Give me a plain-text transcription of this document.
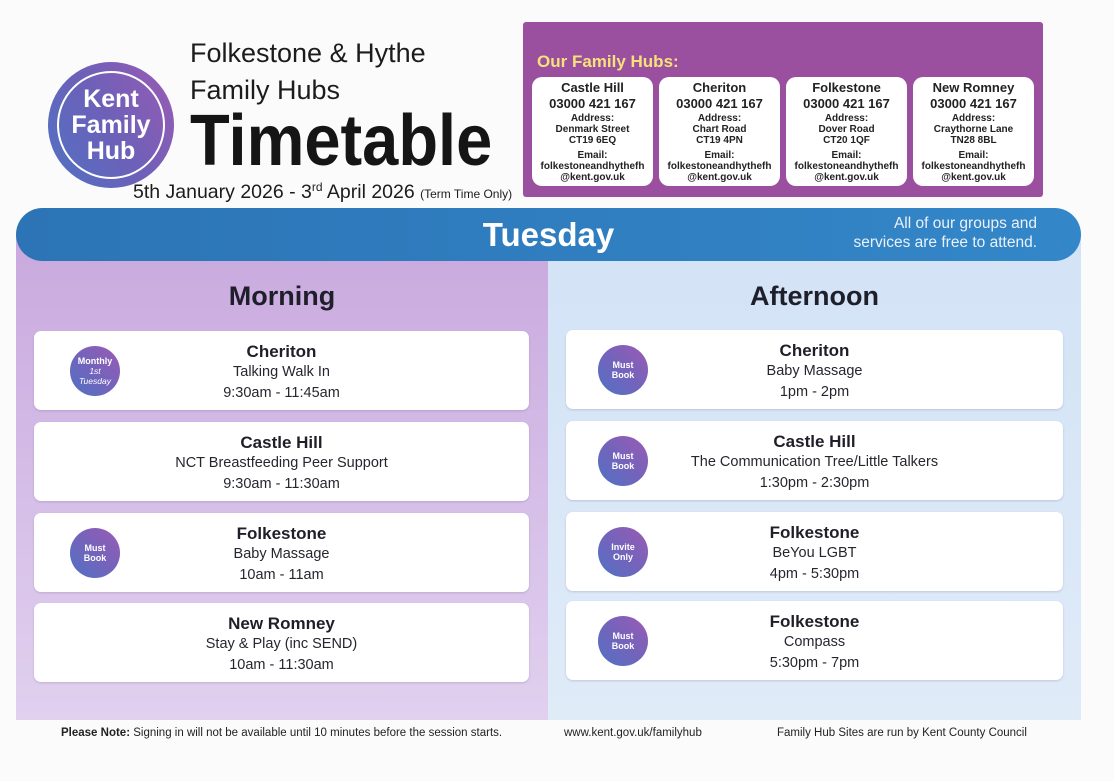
Kent
Family
Hub
Folkestone & Hythe
Family Hubs
Timetable
5th January 2026 - 3rd April 2026 (Term Time Only)
Our Family Hubs:
Castle Hill
03000 421 167
Address:
Denmark Street
CT19 6EQ
Email:
folkestoneandhythefh
@kent.gov.uk
Cheriton
03000 421 167
Address:
Chart Road
CT19 4PN
Email:
folkestoneandhythefh
@kent.gov.uk
Folkestone
03000 421 167
Address:
Dover Road
CT20 1QF
Email:
folkestoneandhythefh
@kent.gov.uk
New Romney
03000 421 167
Address:
Craythorne Lane
TN28 8BL
Email:
folkestoneandhythefh
@kent.gov.uk
Tuesday	All of our groups and
services are free to attend.
Morning	Afternoon
Monthly
1st
Tuesday
Cheriton
Talking Walk In
9:30am - 11:45am
Castle Hill
NCT Breastfeeding Peer Support
9:30am - 11:30am
Must
Book
Folkestone
Baby Massage
10am - 11am
New Romney
Stay & Play (inc SEND)
10am - 11:30am
Must
Book
Cheriton
Baby Massage
1pm - 2pm
Must
Book
Castle Hill
The Communication Tree/Little Talkers
1:30pm - 2:30pm
Invite
Only
Folkestone
BeYou LGBT
4pm - 5:30pm
Must
Book
Folkestone
Compass
5:30pm - 7pm
Please Note: Signing in will not be available until 10 minutes before the session starts.	www.kent.gov.uk/familyhub	Family Hub Sites are run by Kent County Council
